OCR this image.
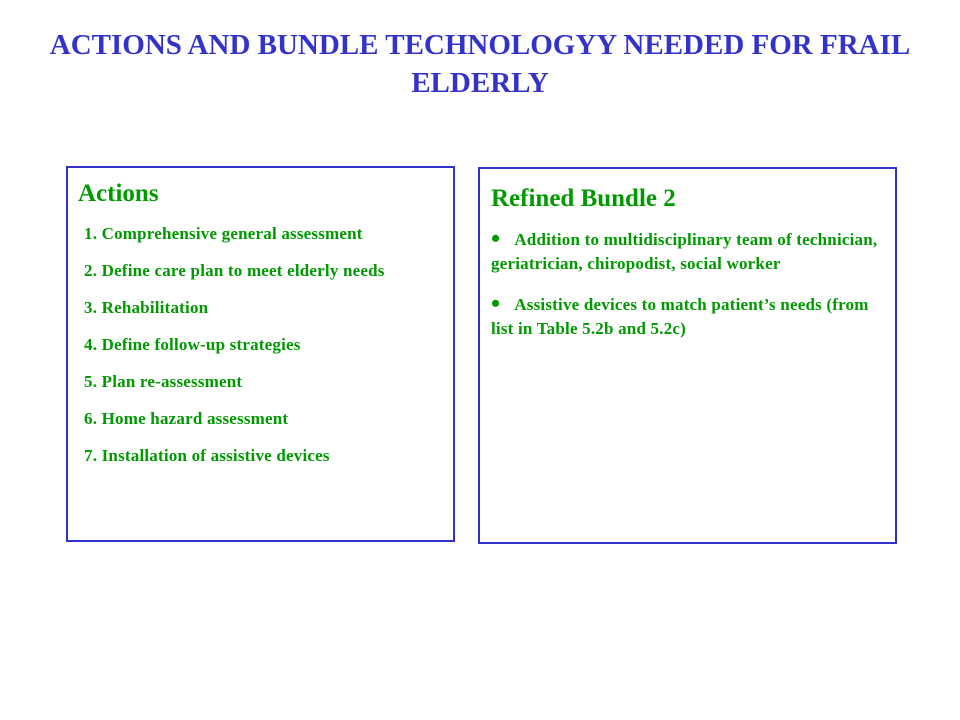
ACTIONS AND BUNDLE TECHNOLOGYY NEEDED FOR FRAIL ELDERLY
Actions
1. Comprehensive general assessment
2. Define care plan to meet elderly needs
3. Rehabilitation
4. Define follow-up strategies
5. Plan re-assessment
6. Home hazard assessment
7. Installation of assistive devices
Refined Bundle 2
• Addition to multidisciplinary team of technician, geriatrician, chiropodist, social worker
• Assistive devices to match patient’s needs (from list in Table 5.2b and 5.2c)
